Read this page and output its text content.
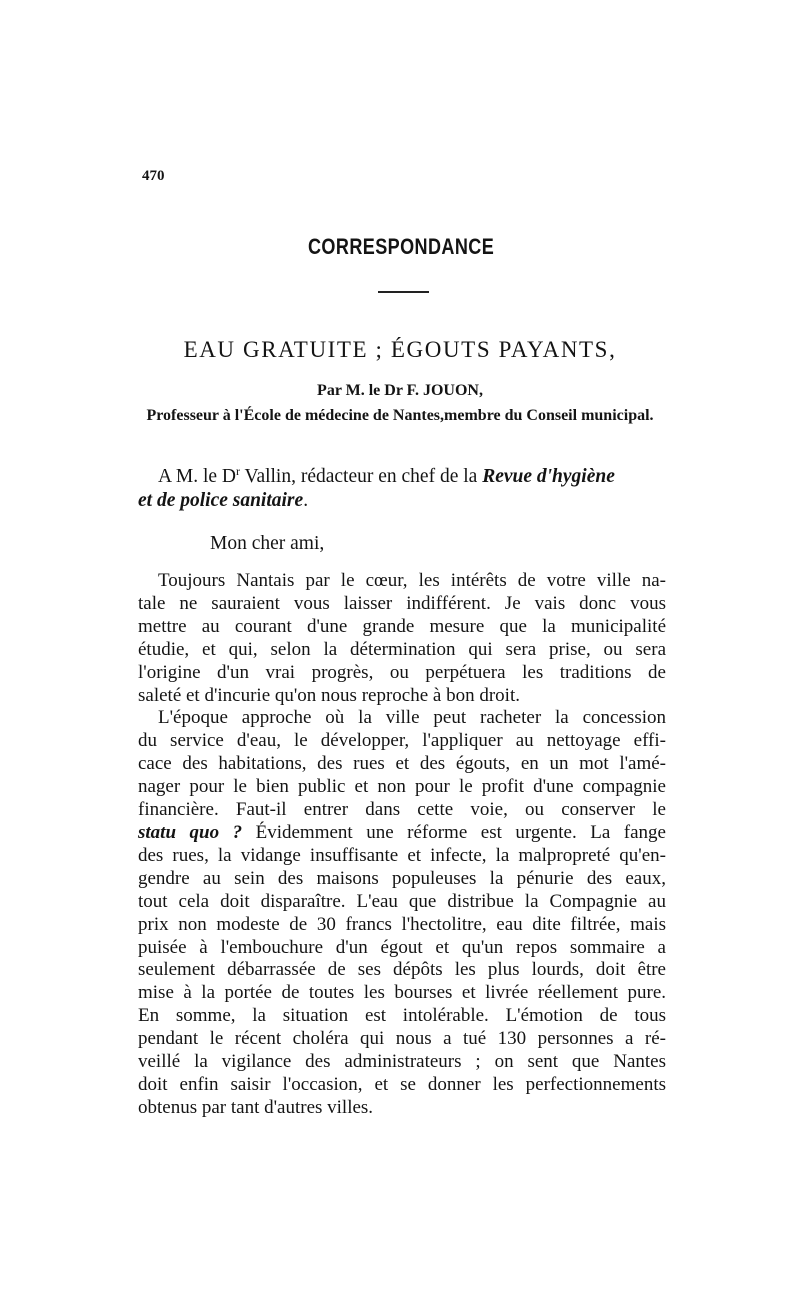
470
CORRESPONDANCE
EAU GRATUITE ; ÉGOUTS PAYANTS,
Par M. le Dr F. JOUON,
Professeur à l'École de médecine de Nantes,membre du Conseil municipal.
A M. le $D^r$ Vallin, rédacteur en chef de la Revue d'hygiène
et de police sanitaire.
Mon cher ami,
Toujours Nantais par le cœur, les intérêts de votre ville na-
tale ne sauraient vous laisser indifférent. Je vais donc vous
mettre au courant d'une grande mesure que la municipalité
étudie, et qui, selon la détermination qui sera prise, ou sera
l'origine d'un vrai progrès, ou perpétuera les traditions de
saleté et d'incurie qu'on nous reproche à bon droit.
L'époque approche où la ville peut racheter la concession
du service d'eau, le développer, l'appliquer au nettoyage effi-
cace des habitations, des rues et des égouts, en un mot l'amé-
nager pour le bien public et non pour le profit d'une compagnie
financière. Faut-il entrer dans cette voie, ou conserver le
statu quo ? Évidemment une réforme est urgente. La fange
des rues, la vidange insuffisante et infecte, la malpropreté qu'en-
gendre au sein des maisons populeuses la pénurie des eaux,
tout cela doit disparaître. L'eau que distribue la Compagnie au
prix non modeste de 30 francs l'hectolitre, eau dite filtrée, mais
puisée à l'embouchure d'un égout et qu'un repos sommaire a
seulement débarrassée de ses dépôts les plus lourds, doit être
mise à la portée de toutes les bourses et livrée réellement pure.
En somme, la situation est intolérable. L'émotion de tous
pendant le récent choléra qui nous a tué 130 personnes a ré-
veillé la vigilance des administrateurs ; on sent que Nantes
doit enfin saisir l'occasion, et se donner les perfectionnements
obtenus par tant d'autres villes.
